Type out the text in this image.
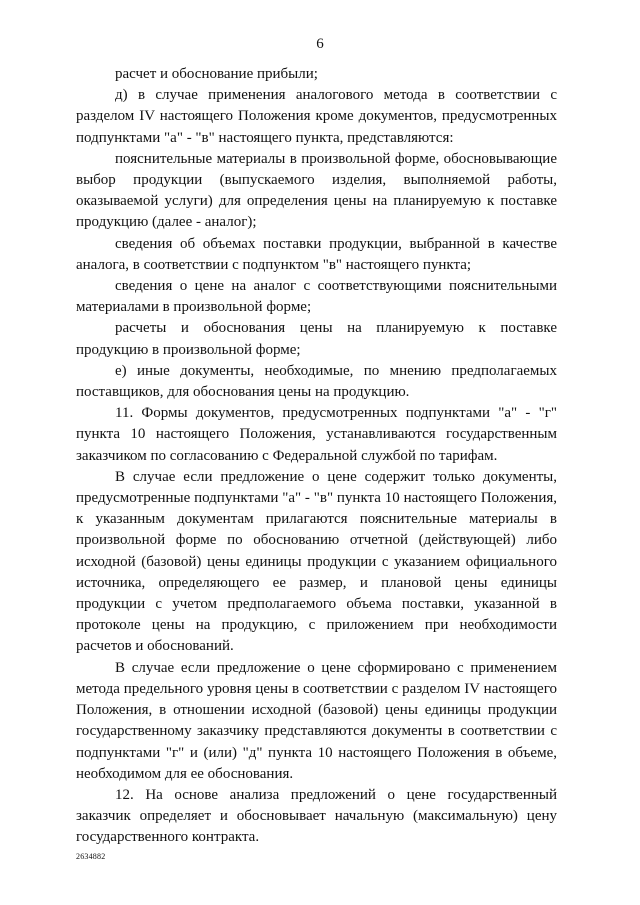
6

расчет и обоснование прибыли;

д) в случае применения аналогового метода в соответствии с разделом IV настоящего Положения кроме документов, предусмотренных подпунктами "а" - "в" настоящего пункта, представляются:

пояснительные материалы в произвольной форме, обосновывающие выбор продукции (выпускаемого изделия, выполняемой работы, оказываемой услуги) для определения цены на планируемую к поставке продукцию (далее - аналог);

сведения об объемах поставки продукции, выбранной в качестве аналога, в соответствии с подпунктом "в" настоящего пункта;

сведения о цене на аналог с соответствующими пояснительными материалами в произвольной форме;

расчеты и обоснования цены на планируемую к поставке продукцию в произвольной форме;

е) иные документы, необходимые, по мнению предполагаемых поставщиков, для обоснования цены на продукцию.

11. Формы документов, предусмотренных подпунктами "а" - "г" пункта 10 настоящего Положения, устанавливаются государственным заказчиком по согласованию с Федеральной службой по тарифам.

В случае если предложение о цене содержит только документы, предусмотренные подпунктами "а" - "в" пункта 10 настоящего Положения, к указанным документам прилагаются пояснительные материалы в произвольной форме по обоснованию отчетной (действующей) либо исходной (базовой) цены единицы продукции с указанием официального источника, определяющего ее размер, и плановой цены единицы продукции с учетом предполагаемого объема поставки, указанной в протоколе цены на продукцию, с приложением при необходимости расчетов и обоснований.

В случае если предложение о цене сформировано с применением метода предельного уровня цены в соответствии с разделом IV настоящего Положения, в отношении исходной (базовой) цены единицы продукции государственному заказчику представляются документы в соответствии с подпунктами "г" и (или) "д" пункта 10 настоящего Положения в объеме, необходимом для ее обоснования.

12. На основе анализа предложений о цене государственный заказчик определяет и обосновывает начальную (максимальную) цену государственного контракта.

2634882
